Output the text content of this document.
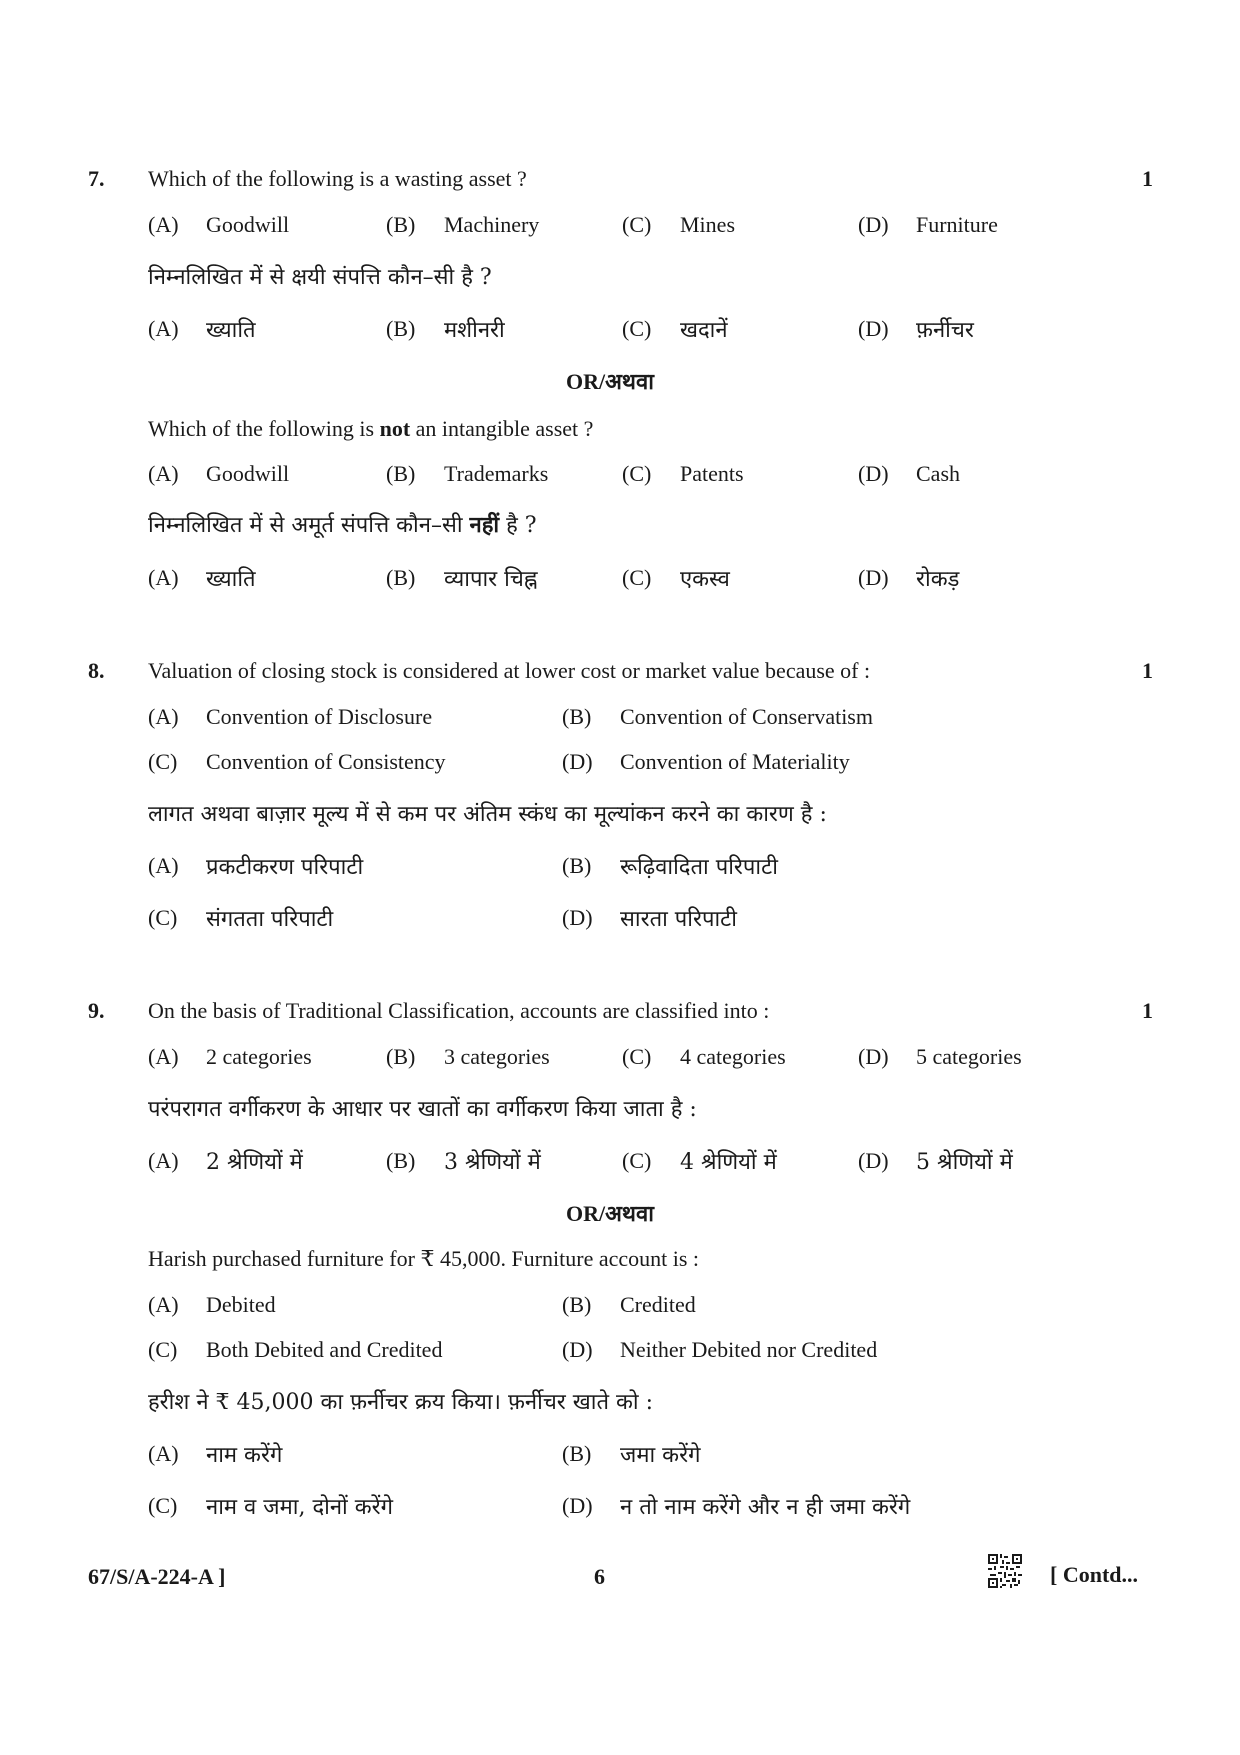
7. Which of the following is a wasting asset ?	1
(A) Goodwill	(B) Machinery	(C) Mines	(D) Furniture
निम्नलिखित में से क्षयी संपत्ति कौन–सी है ?
(A) ख्याति	(B) मशीनरी	(C) खदानें	(D) फ़र्नीचर
OR/अथवा
Which of the following is not an intangible asset ?
(A) Goodwill	(B) Trademarks	(C) Patents	(D) Cash
निम्नलिखित में से अमूर्त संपत्ति कौन–सी नहीं है ?
(A) ख्याति	(B) व्यापार चिह्न	(C) एकस्व	(D) रोकड़
8. Valuation of closing stock is considered at lower cost or market value because of :	1
(A) Convention of Disclosure	(B) Convention of Conservatism
(C) Convention of Consistency	(D) Convention of Materiality
लागत अथवा बाज़ार मूल्य में से कम पर अंतिम स्कंध का मूल्यांकन करने का कारण है :
(A) प्रकटीकरण परिपाटी	(B) रूढ़िवादिता परिपाटी
(C) संगतता परिपाटी	(D) सारता परिपाटी
9. On the basis of Traditional Classification, accounts are classified into :	1
(A) 2 categories	(B) 3 categories	(C) 4 categories	(D) 5 categories
परंपरागत वर्गीकरण के आधार पर खातों का वर्गीकरण किया जाता है :
(A) 2 श्रेणियों में	(B) 3 श्रेणियों में	(C) 4 श्रेणियों में	(D) 5 श्रेणियों में
OR/अथवा
Harish purchased furniture for ₹ 45,000. Furniture account is :
(A) Debited	(B) Credited
(C) Both Debited and Credited	(D) Neither Debited nor Credited
हरीश ने ₹ 45,000 का फ़र्नीचर क्रय किया। फ़र्नीचर खाते को :
(A) नाम करेंगे	(B) जमा करेंगे
(C) नाम व जमा, दोनों करेंगे	(D) न तो नाम करेंगे और न ही जमा करेंगे
67/S/A-224-A ]	6	[ Contd...
